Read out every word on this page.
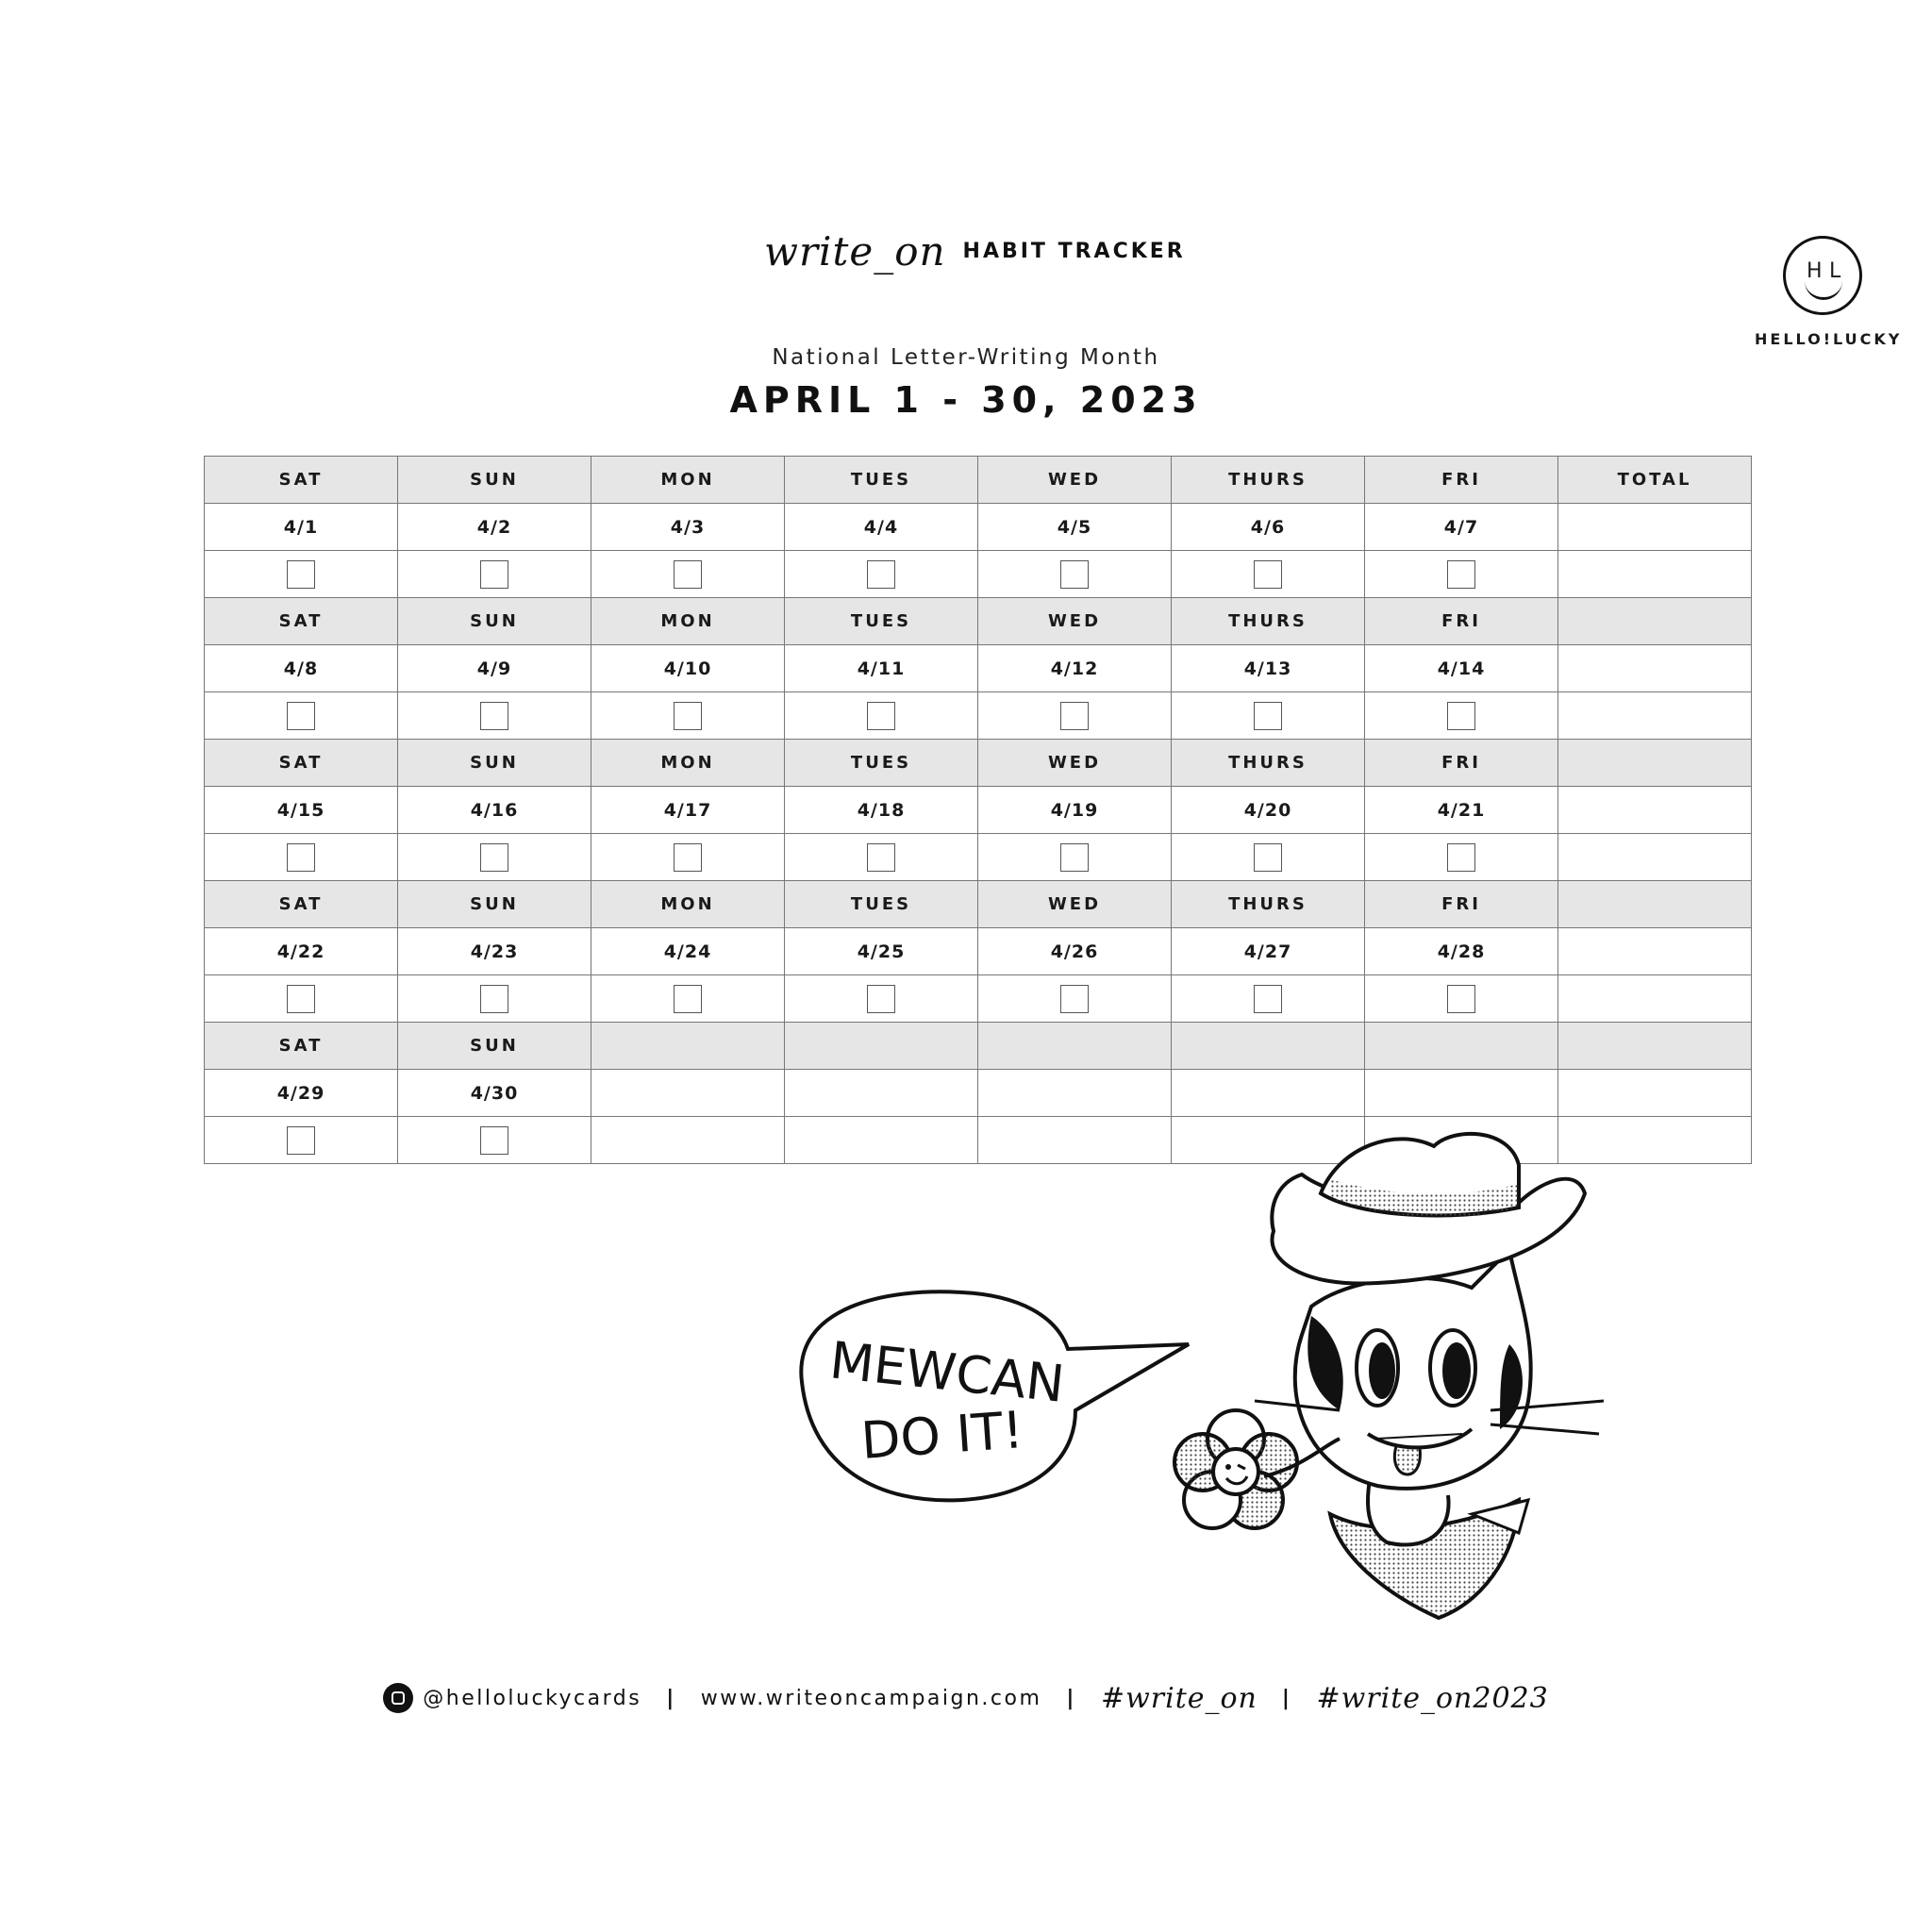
write_on HABIT TRACKER
H L
HELLO!LUCKY
National Letter-Writing Month
APRIL 1 - 30, 2023
SAT	SUN	MON	TUES	WED	THURS	FRI	TOTAL
4/1	4/2	4/3	4/4	4/5	4/6	4/7	

SAT	SUN	MON	TUES	WED	THURS	FRI	
4/8	4/9	4/10	4/11	4/12	4/13	4/14	

SAT	SUN	MON	TUES	WED	THURS	FRI	
4/15	4/16	4/17	4/18	4/19	4/20	4/21	

SAT	SUN	MON	TUES	WED	THURS	FRI	
4/22	4/23	4/24	4/25	4/26	4/27	4/28	

SAT	SUN						
4/29	4/30						

MEWCAN
DO IT!
@helloluckycards | www.writeoncampaign.com | #write_on | #write_on2023
